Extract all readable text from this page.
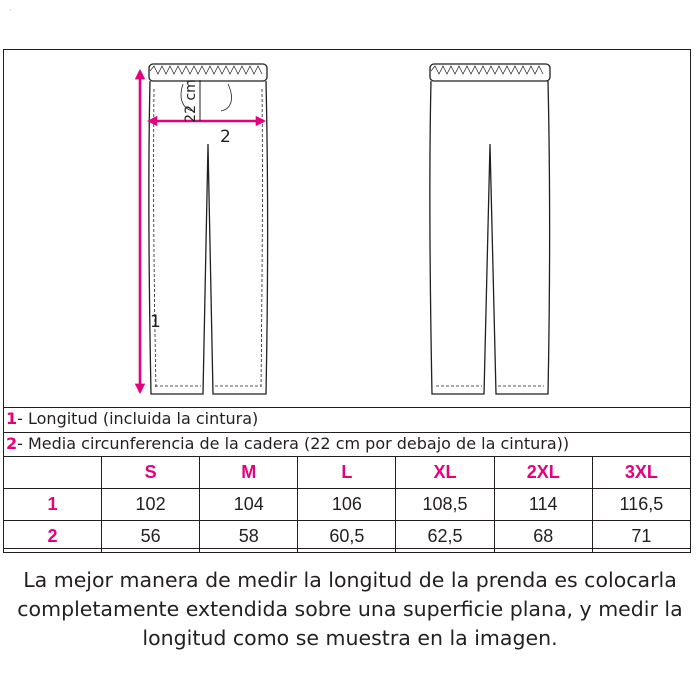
·
22 cm
2
1
1- Longitud (incluida la cintura)
2- Media circunferencia de la cadera (22 cm por debajo de la cintura))
	S	M	L	XL	2XL	3XL
1	102	104	106	108,5	114	116,5
2	56	58	60,5	62,5	68	71
La mejor manera de medir la longitud de la prenda es colocarla
completamente extendida sobre una superficie plana, y medir la
longitud como se muestra en la imagen.
